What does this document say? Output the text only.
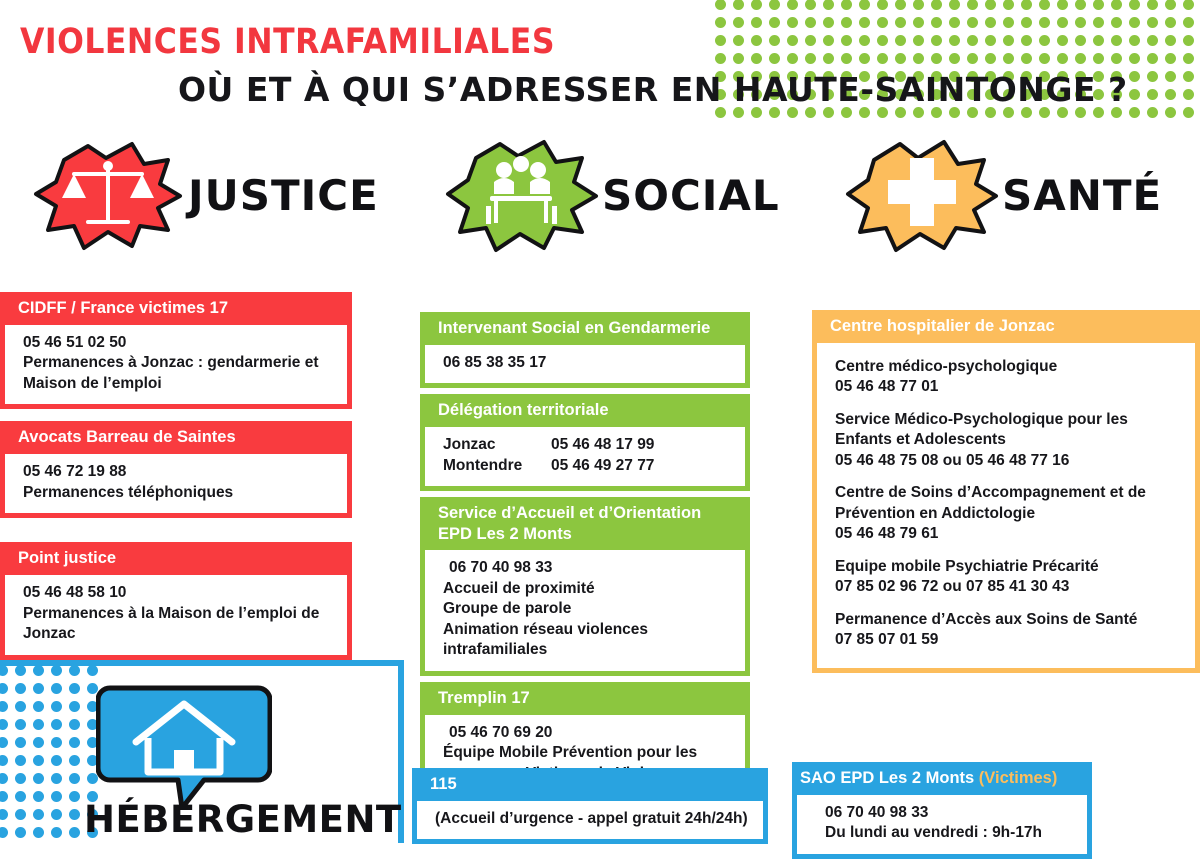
VIOLENCES INTRAFAMILIALES
OÙ ET À QUI S’ADRESSER EN HAUTE-SAINTONGE ?
JUSTICE	SOCIAL	SANTÉ
CIDFF / France victimes 17
05 46 51 02 50
Permanences à Jonzac : gendarmerie et
Maison de l’emploi
Avocats Barreau de Saintes
05 46 72 19 88
Permanences téléphoniques
Point justice
05 46 48 58 10
Permanences à la Maison de l’emploi de
Jonzac
Intervenant Social en Gendarmerie
06 85 38 35 17
Délégation territoriale
Jonzac	05 46 48 17 99
Montendre	05 46 49 27 77
Service d’Accueil et d’Orientation
EPD Les 2 Monts
06 70 40 98 33
Accueil de proximité
Groupe de parole
Animation réseau violences intrafamiliales
Tremplin 17
05 46 70 69 20
Équipe Mobile Prévention pour les
Centre hospitalier de Jonzac
Centre médico-psychologique
05 46 48 77 01
Service Médico-Psychologique pour les
Enfants et Adolescents
05 46 48 75 08 ou 05 46 48 77 16
Centre de Soins d’Accompagnement et de
Prévention en Addictologie
05 46 48 79 61
Equipe mobile Psychiatrie Précarité
07 85 02 96 72 ou 07 85 41 30 43
Permanence d’Accès aux Soins de Santé
07 85 07 01 59
HÉBERGEMENT
115
(Accueil d’urgence - appel gratuit 24h/24h)
SAO EPD Les 2 Monts (Victimes)
06 70 40 98 33
Du lundi au vendredi : 9h-17h
